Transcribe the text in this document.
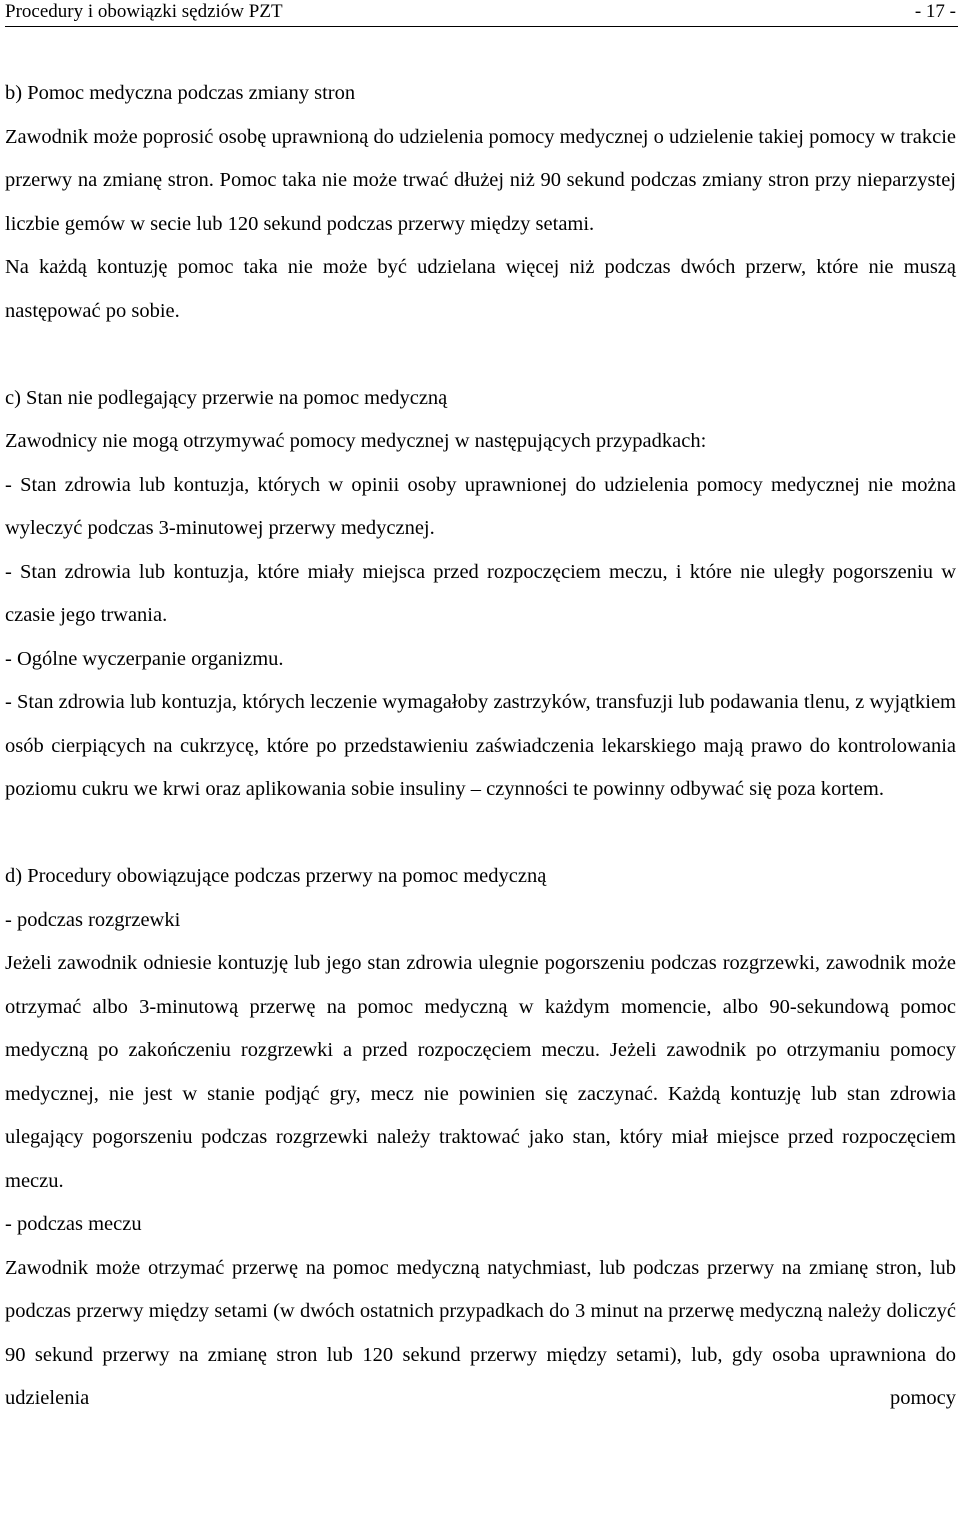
Procedury i obowiązki sędziów PZT	- 17 -

b) Pomoc medyczna podczas zmiany stron

Zawodnik może poprosić osobę uprawnioną do udzielenia pomocy medycznej o udzielenie takiej pomocy w trakcie przerwy na zmianę stron. Pomoc taka nie może trwać dłużej niż 90 sekund podczas zmiany stron przy nieparzystej liczbie gemów w secie lub 120 sekund podczas przerwy między setami.

Na każdą kontuzję pomoc taka nie może być udzielana więcej niż podczas dwóch przerw, które nie muszą następować po sobie.

c) Stan nie podlegający przerwie na pomoc medyczną

Zawodnicy nie mogą otrzymywać pomocy medycznej w następujących przypadkach:

- Stan zdrowia lub kontuzja, których w opinii osoby uprawnionej do udzielenia pomocy medycznej nie można wyleczyć podczas 3-minutowej przerwy medycznej.

- Stan zdrowia lub kontuzja, które miały miejsca przed rozpoczęciem meczu, i które nie uległy pogorszeniu w czasie jego trwania.

- Ogólne wyczerpanie organizmu.

- Stan zdrowia lub kontuzja, których leczenie wymagałoby zastrzyków, transfuzji lub podawania tlenu, z wyjątkiem osób cierpiących na cukrzycę, które po przedstawieniu zaświadczenia lekarskiego mają prawo do kontrolowania poziomu cukru we krwi oraz aplikowania sobie insuliny – czynności te powinny odbywać się poza kortem.

d) Procedury obowiązujące podczas przerwy na pomoc medyczną

- podczas rozgrzewki

Jeżeli zawodnik odniesie kontuzję lub jego stan zdrowia ulegnie pogorszeniu podczas rozgrzewki, zawodnik może otrzymać albo 3-minutową przerwę na pomoc medyczną w każdym momencie, albo 90-sekundową pomoc medyczną po zakończeniu rozgrzewki a przed rozpoczęciem meczu. Jeżeli zawodnik po otrzymaniu pomocy medycznej, nie jest w stanie podjąć gry, mecz nie powinien się zaczynać. Każdą kontuzję lub stan zdrowia ulegający pogorszeniu podczas rozgrzewki należy traktować jako stan, który miał miejsce przed rozpoczęciem meczu.

- podczas meczu

Zawodnik może otrzymać przerwę na pomoc medyczną natychmiast, lub podczas przerwy na zmianę stron, lub podczas przerwy między setami (w dwóch ostatnich przypadkach do 3 minut na przerwę medyczną należy doliczyć 90 sekund przerwy na zmianę stron lub 120 sekund przerwy między setami), lub, gdy osoba uprawniona do udzielenia pomocy
